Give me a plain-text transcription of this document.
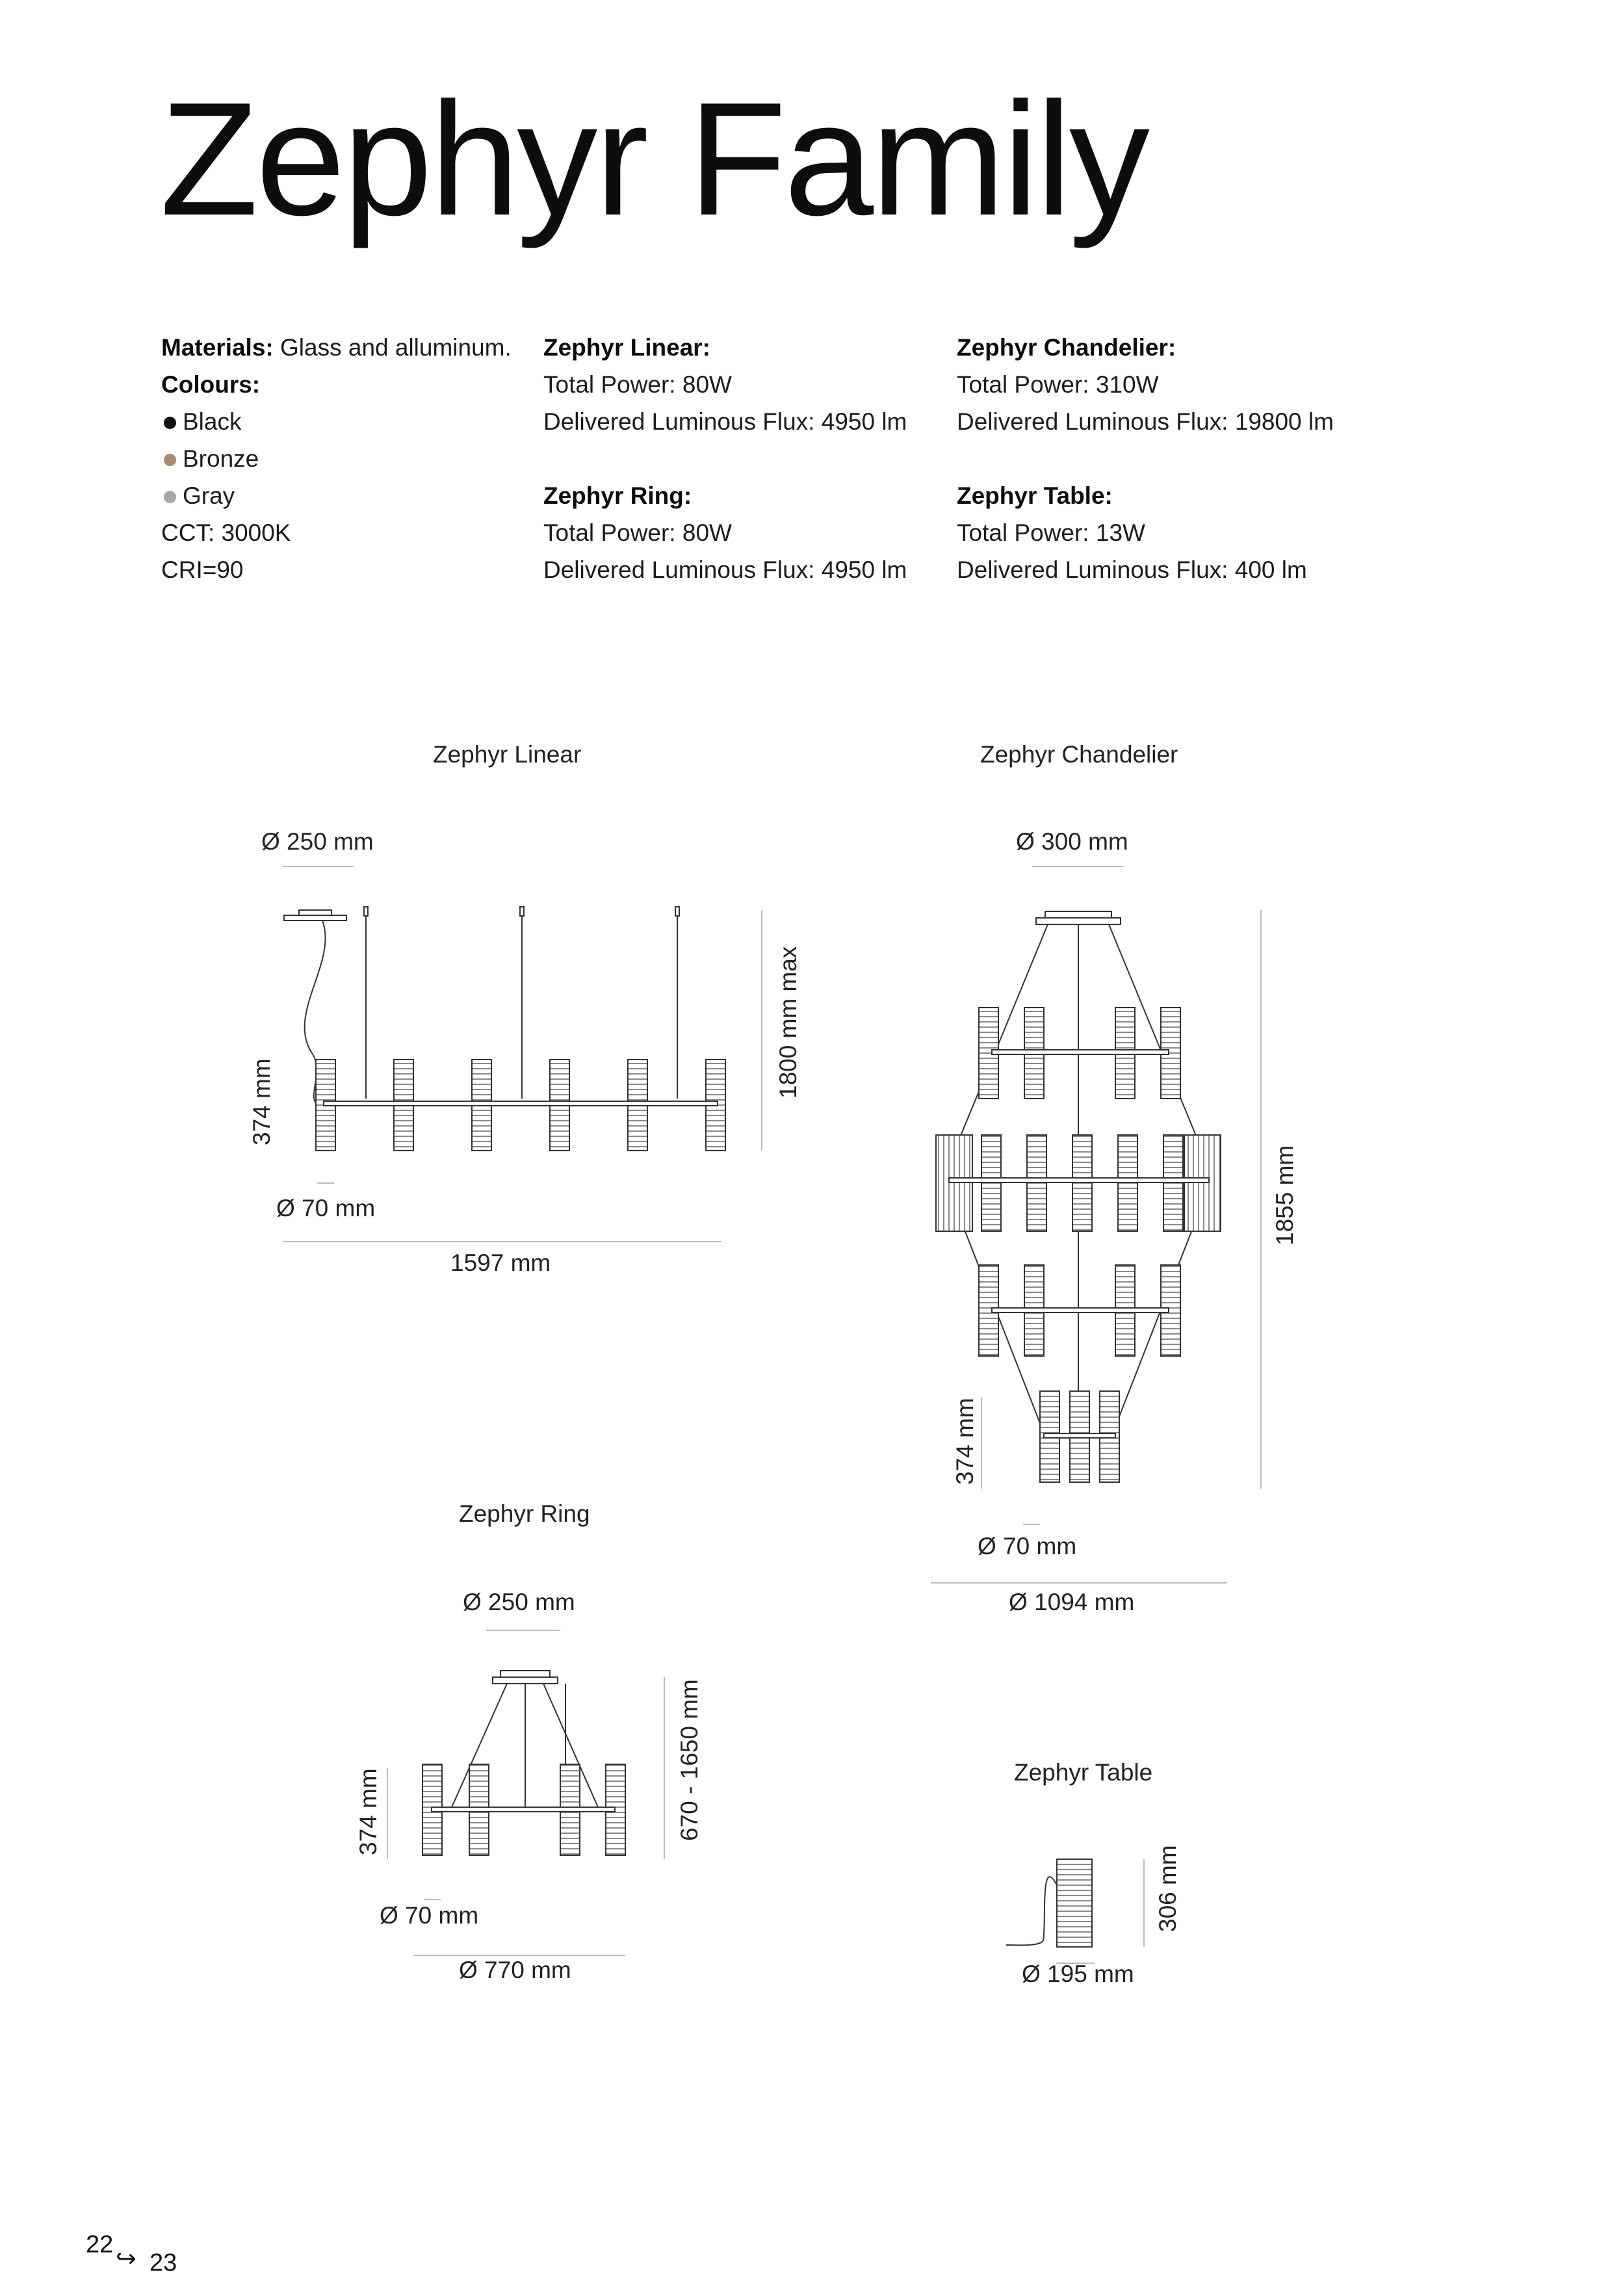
Zephyr Family
Materials: Glass and alluminum.
Colours:
Black
Bronze
Gray
CCT: 3000K
CRI=90
Zephyr Linear:
Total Power: 80W
Delivered Luminous Flux: 4950 lm
Zephyr Ring:
Total Power: 80W
Delivered Luminous Flux: 4950 lm
Zephyr Chandelier:
Total Power: 310W
Delivered Luminous Flux: 19800 lm
Zephyr Table:
Total Power: 13W
Delivered Luminous Flux: 400 lm
Zephyr Linear	Zephyr Chandelier
Zephyr Ring
Zephyr Table
Ø 250 mm
374 mm
1800 mm max
Ø 70 mm
1597 mm
Ø 300 mm
1855 mm
374 mm
Ø 70 mm
Ø 1094 mm
Ø 250 mm
374 mm	670 - 1650 mm
Ø 70 mm
Ø 770 mm
306 mm
Ø 195 mm
22 ↪ 23
